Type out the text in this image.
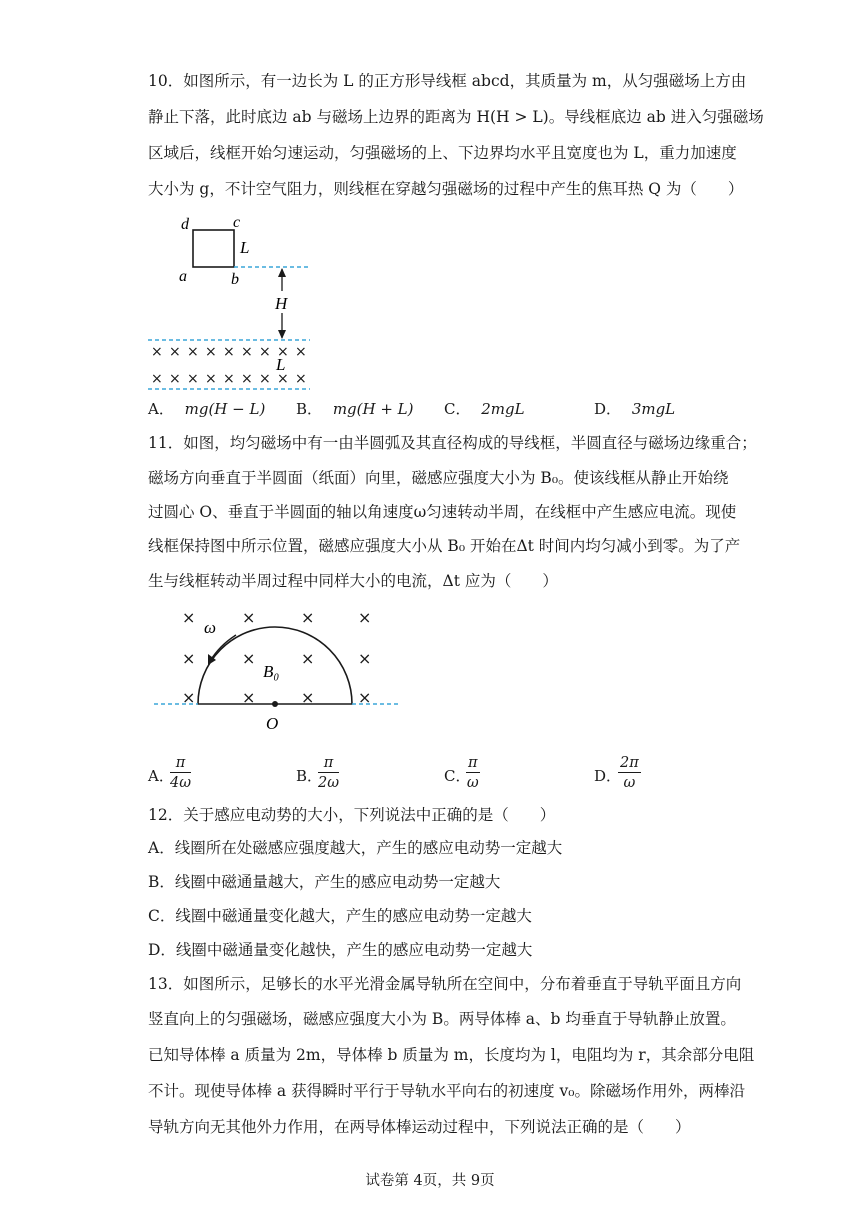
10．如图所示，有一边长为 L 的正方形导线框 abcd，其质量为 m，从匀强磁场上方由
静止下落，此时底边 ab 与磁场上边界的距离为 H(H > L)。导线框底边 ab 进入匀强磁场
区域后，线框开始匀速运动，匀强磁场的上、下边界均水平且宽度也为 L，重力加速度
大小为 g，不计空气阻力，则线框在穿越匀强磁场的过程中产生的焦耳热 Q 为（　　）
d	c
a	b
L
H
× × × × × × × × ×
L
× × × × × × × × ×
A． mg(H − L) B． mg(H + L) C． 2mgL	D． 3mgL
11．如图，均匀磁场中有一由半圆弧及其直径构成的导线框，半圆直径与磁场边缘重合；
磁场方向垂直于半圆面（纸面）向里，磁感应强度大小为 B₀。使该线框从静止开始绕
过圆心 O、垂直于半圆面的轴以角速度ω匀速转动半周，在线框中产生感应电流。现使
线框保持图中所示位置，磁感应强度大小从 B₀ 开始在Δt 时间内均匀减小到零。为了产
生与线框转动半周过程中同样大小的电流，Δt 应为（　　）
×	×	×	×
×	×	×	×
×	×	×	×
ω
B₀
O
A．
$\frac{\pi}{4\omega}$	B．
$\frac{\pi}{2\omega}$	C．
$\frac{\pi}{\omega}$	D．
$\frac{2\pi}{\omega}$
12．关于感应电动势的大小，下列说法中正确的是（　　）
A．线圈所在处磁感应强度越大，产生的感应电动势一定越大
B．线圈中磁通量越大，产生的感应电动势一定越大
C．线圈中磁通量变化越大，产生的感应电动势一定越大
D．线圈中磁通量变化越快，产生的感应电动势一定越大
13．如图所示，足够长的水平光滑金属导轨所在空间中，分布着垂直于导轨平面且方向
竖直向上的匀强磁场，磁感应强度大小为 B。两导体棒 a、b 均垂直于导轨静止放置。
已知导体棒 a 质量为 2m，导体棒 b 质量为 m，长度均为 l，电阻均为 r，其余部分电阻
不计。现使导体棒 a 获得瞬时平行于导轨水平向右的初速度 v₀。除磁场作用外，两棒沿
导轨方向无其他外力作用，在两导体棒运动过程中，下列说法正确的是（　　）
试卷第 4页，共 9页
